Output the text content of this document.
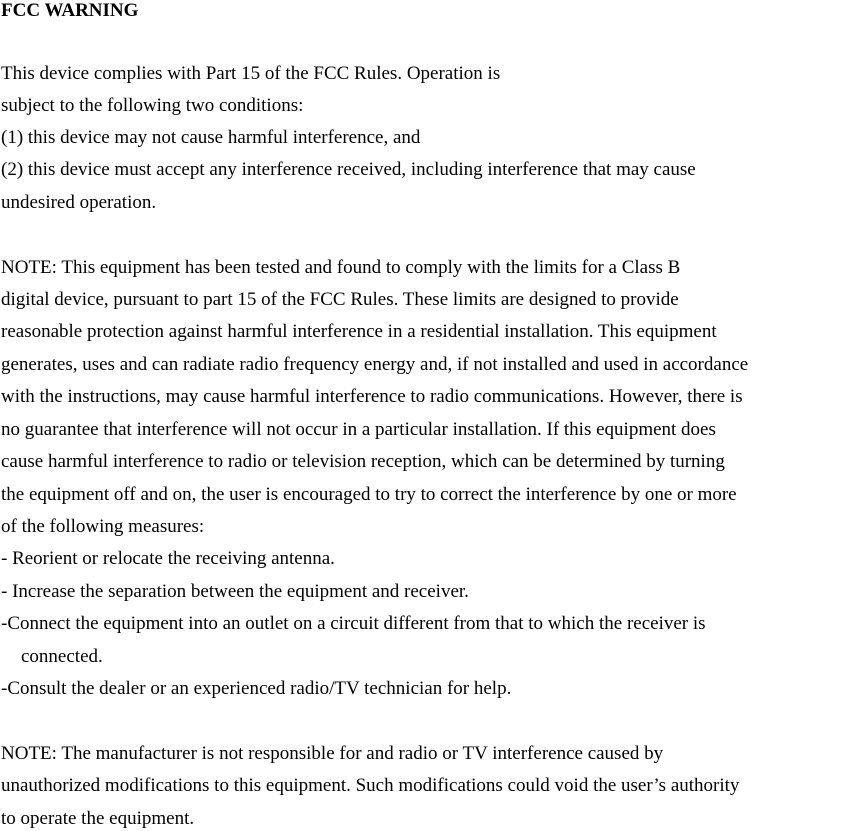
FCC WARNING
This device complies with Part 15 of the FCC Rules. Operation is
subject to the following two conditions:
(1) this device may not cause harmful interference, and
(2) this device must accept any interference received, including interference that may cause
undesired operation.
NOTE: This equipment has been tested and found to comply with the limits for a Class B
digital device, pursuant to part 15 of the FCC Rules. These limits are designed to provide
reasonable protection against harmful interference in a residential installation. This equipment
generates, uses and can radiate radio frequency energy and, if not installed and used in accordance
with the instructions, may cause harmful interference to radio communications. However, there is
no guarantee that interference will not occur in a particular installation. If this equipment does
cause harmful interference to radio or television reception, which can be determined by turning
the equipment off and on, the user is encouraged to try to correct the interference by one or more
of the following measures:
- Reorient or relocate the receiving antenna.
- Increase the separation between the equipment and receiver.
-Connect the equipment into an outlet on a circuit different from that to which the receiver is
connected.
-Consult the dealer or an experienced radio/TV technician for help.
NOTE: The manufacturer is not responsible for and radio or TV interference caused by
unauthorized modifications to this equipment. Such modifications could void the user’s authority
to operate the equipment.
